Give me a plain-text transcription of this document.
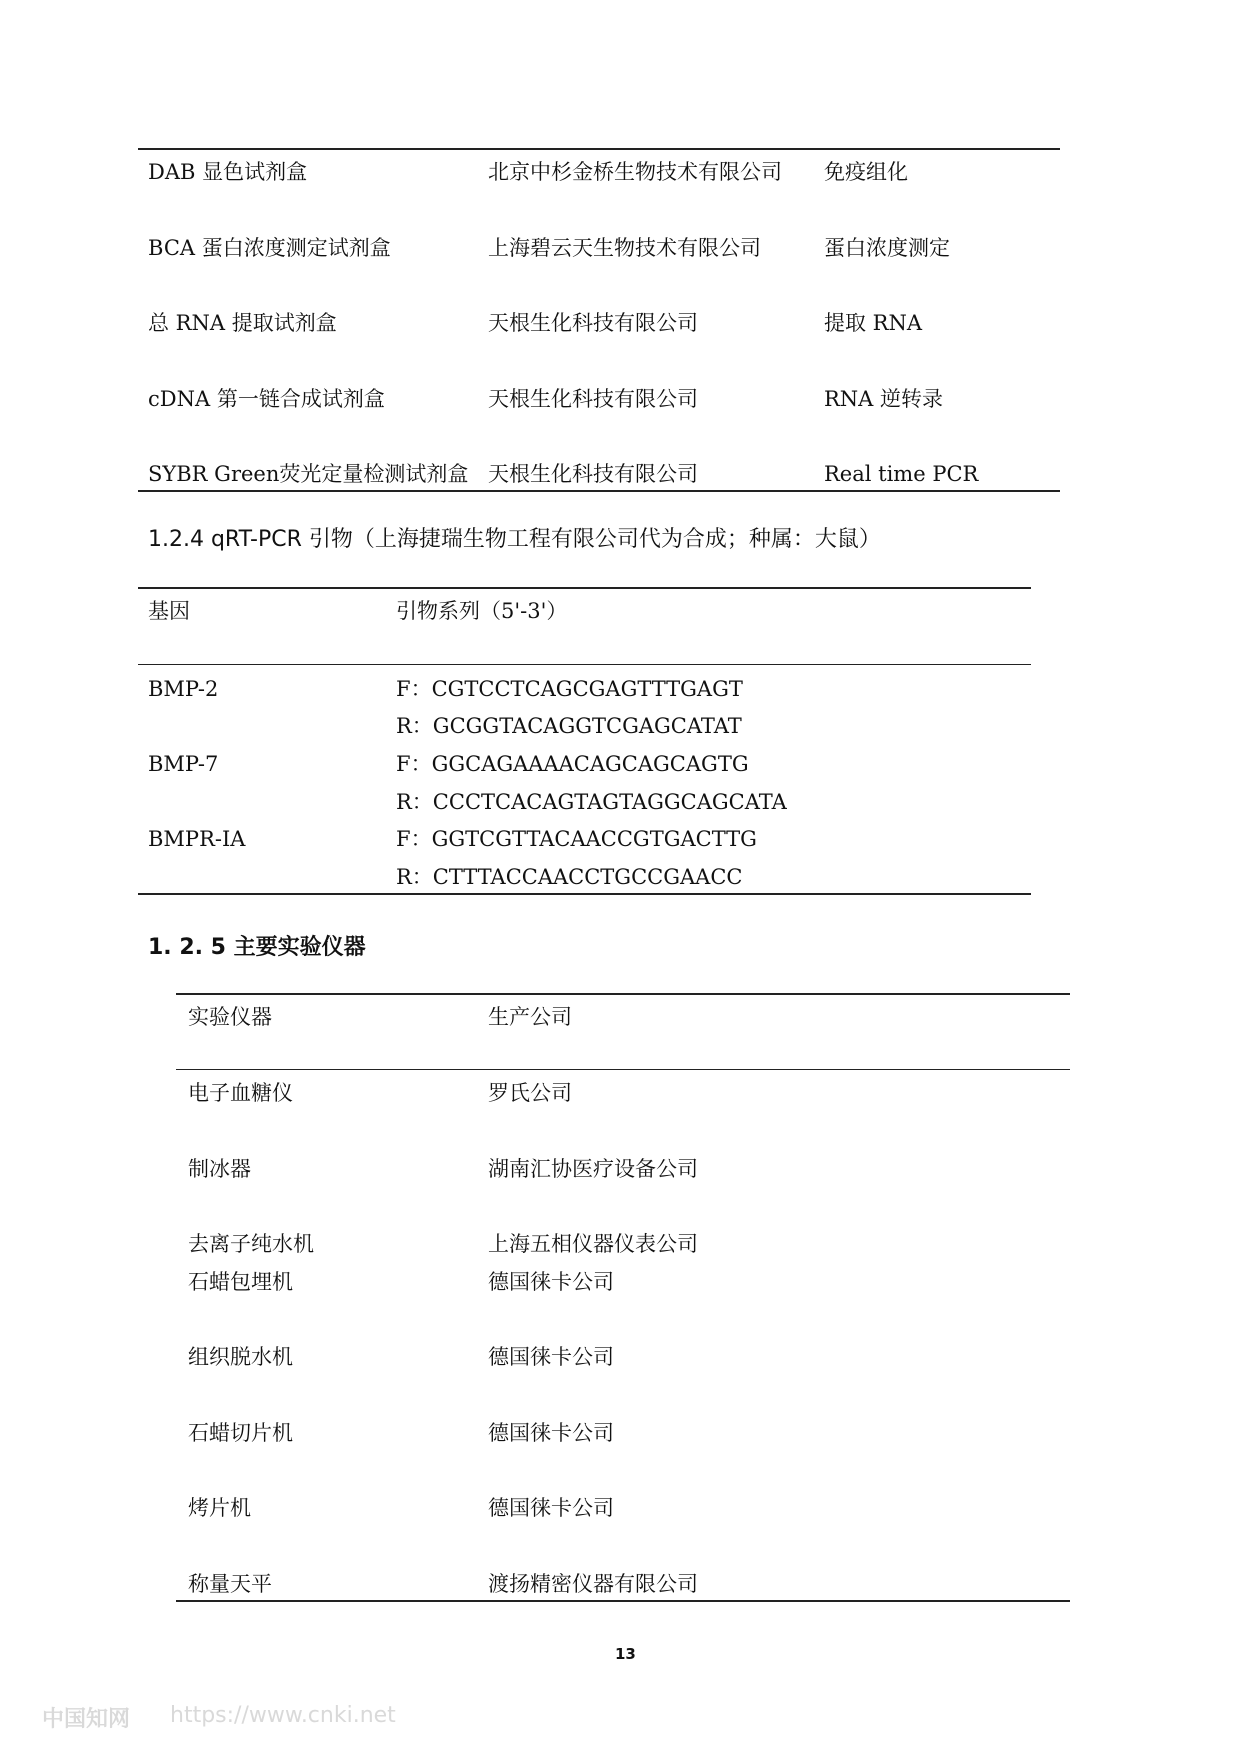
DAB 显色试剂盒	北京中杉金桥生物技术有限公司 免疫组化
BCA 蛋白浓度测定试剂盒	上海碧云天生物技术有限公司	蛋白浓度测定
总 RNA 提取试剂盒	天根生化科技有限公司	提取 RNA
cDNA 第一链合成试剂盒	天根生化科技有限公司	RNA 逆转录
SYBR Green荧光定量检测试剂盒 天根生化科技有限公司	Real time PCR
1.2.4 qRT-PCR 引物（上海捷瑞生物工程有限公司代为合成；种属：大鼠）
基因	引物系列（5'-3'）
BMP-2	F：CGTCCTCAGCGAGTTTGAGT
R：GCGGTACAGGTCGAGCATAT
BMP-7	F：GGCAGAAAACAGCAGCAGTG
R：CCCTCACAGTAGTAGGCAGCATA
BMPR-IA	F：GGTCGTTACAACCGTGACTTG
R：CTTTACCAACCTGCCGAACC
1. 2. 5 主要实验仪器
实验仪器	生产公司
电子血糖仪	罗氏公司
制冰器	湖南汇协医疗设备公司
去离子纯水机	上海五相仪器仪表公司
石蜡包埋机	德国徕卡公司
组织脱水机	德国徕卡公司
石蜡切片机	德国徕卡公司
烤片机	德国徕卡公司
称量天平	渡扬精密仪器有限公司
13
中国知网 https://www.cnki.net
